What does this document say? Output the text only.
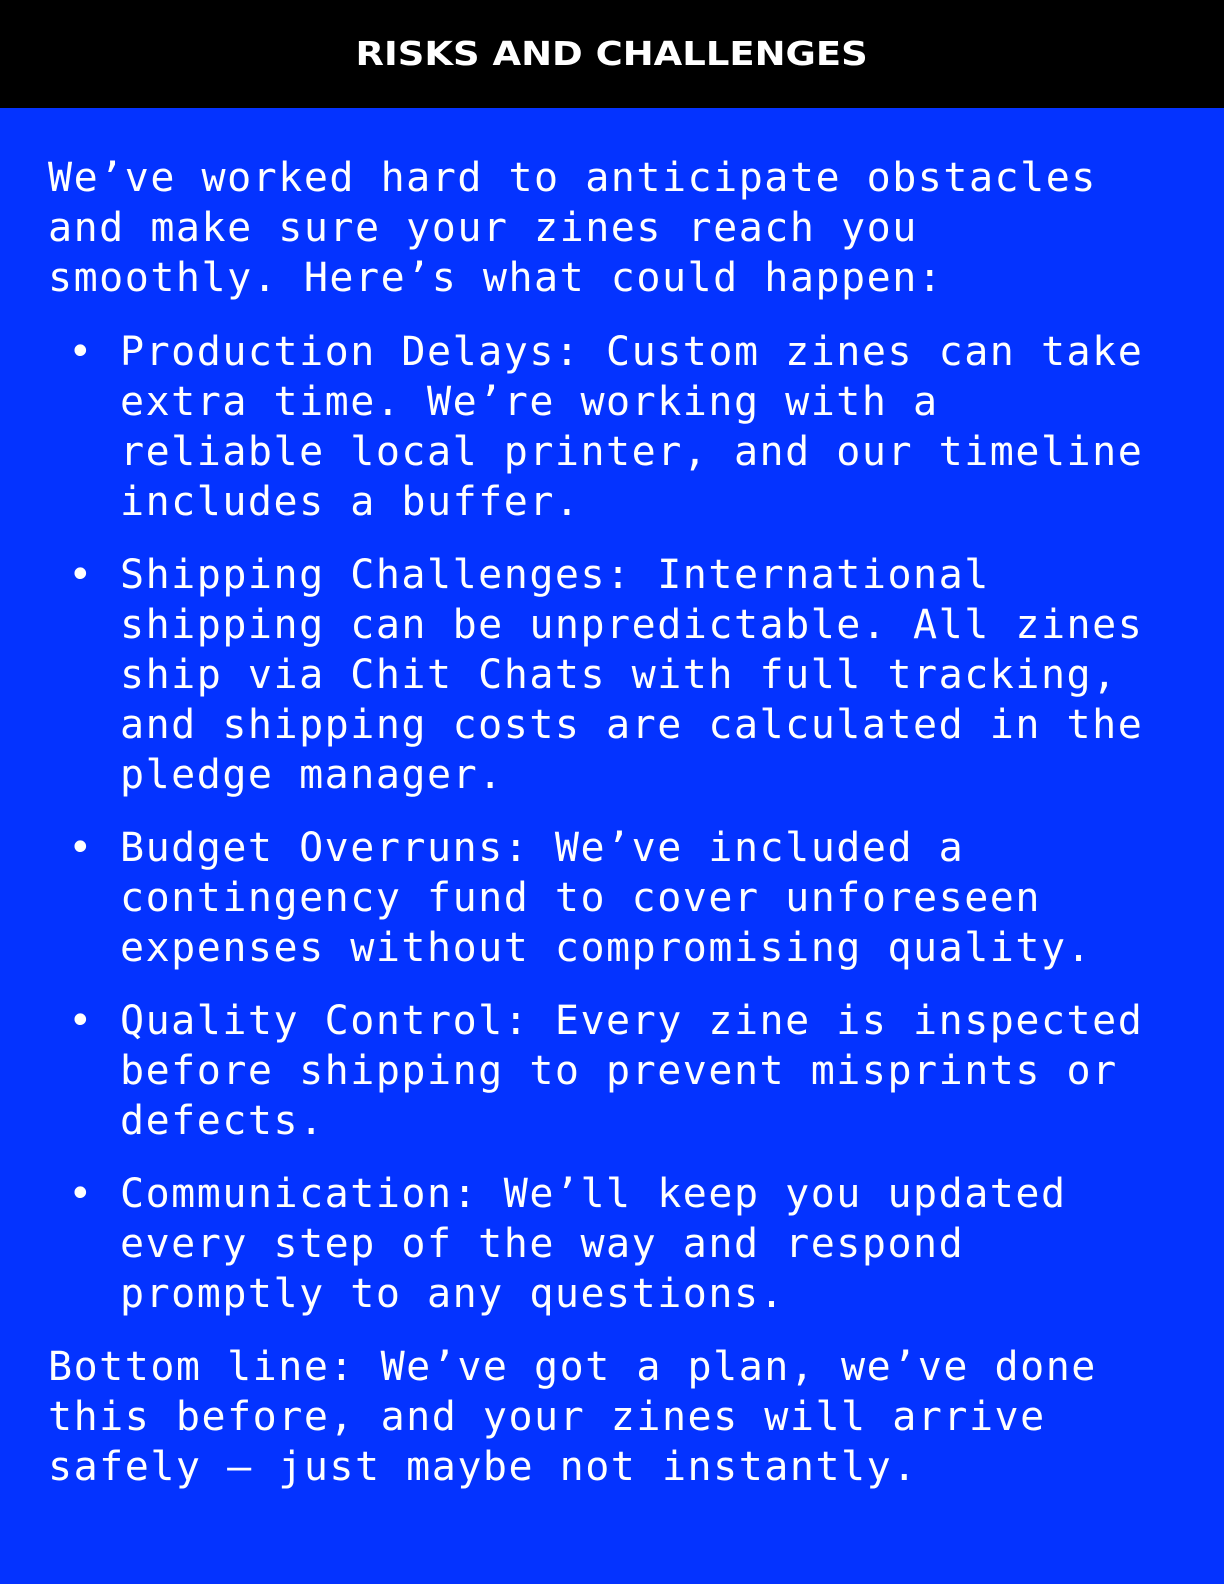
RISKS AND CHALLENGES

We’ve worked hard to anticipate obstacles
and make sure your zines reach you
smoothly. Here’s what could happen:

• Production Delays: Custom zines can take
extra time. We’re working with a
reliable local printer, and our timeline
includes a buffer.
• Shipping Challenges: International
shipping can be unpredictable. All zines
ship via Chit Chats with full tracking,
and shipping costs are calculated in the
pledge manager.
• Budget Overruns: We’ve included a
contingency fund to cover unforeseen
expenses without compromising quality.
• Quality Control: Every zine is inspected
before shipping to prevent misprints or
defects.
• Communication: We’ll keep you updated
every step of the way and respond
promptly to any questions.

Bottom line: We’ve got a plan, we’ve done
this before, and your zines will arrive
safely — just maybe not instantly.
